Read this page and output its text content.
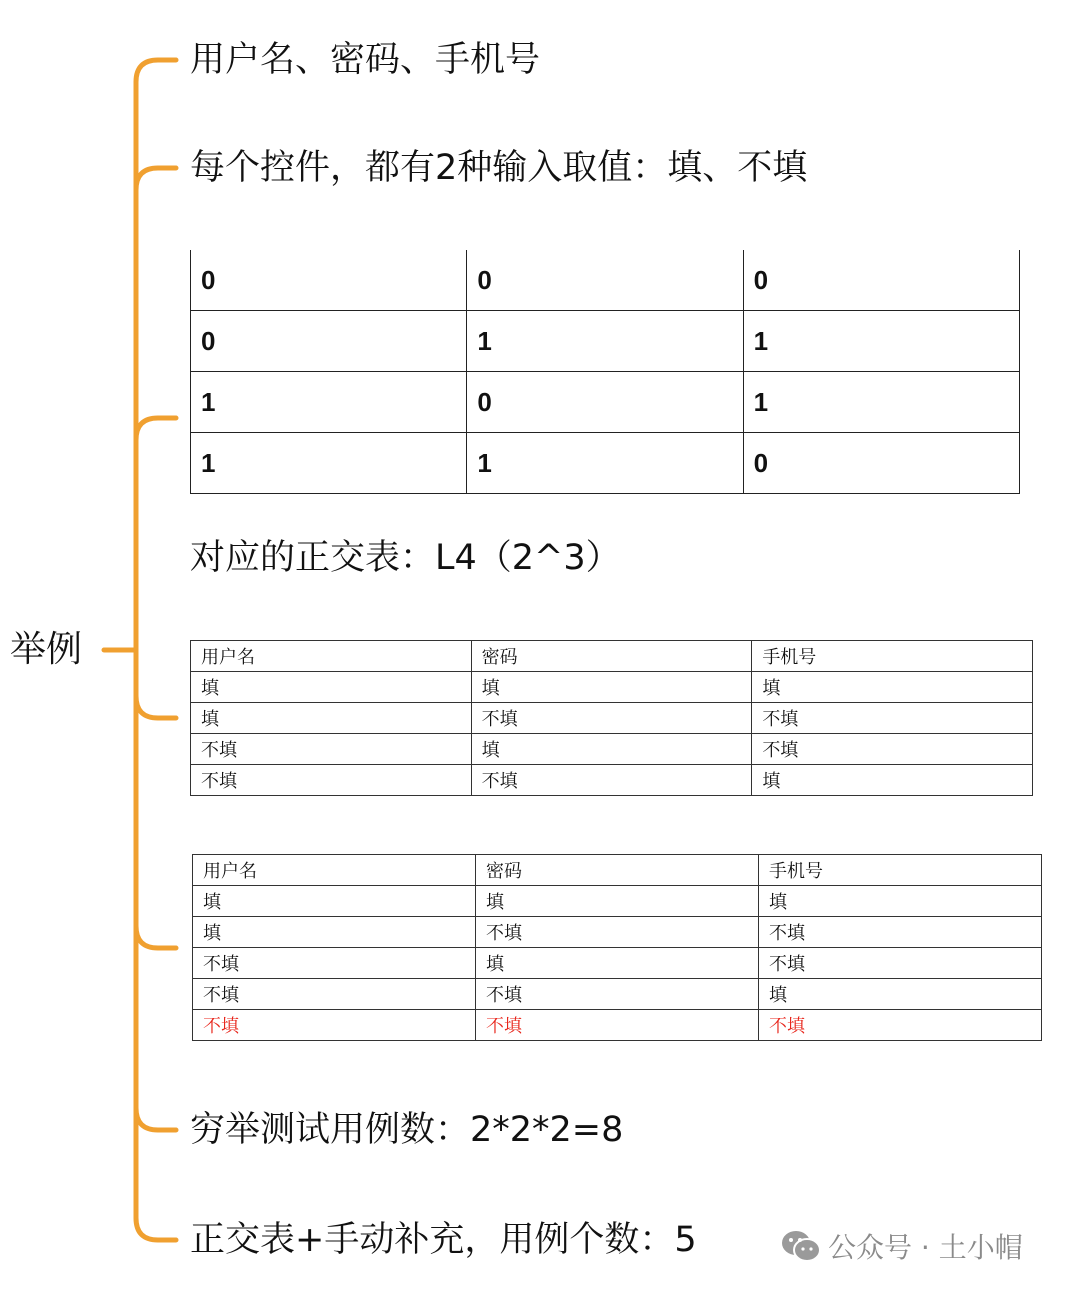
举例
用户名、密码、手机号
每个控件，都有2种输入取值：填、不填
对应的正交表：L4（2^3）
穷举测试用例数：2*2*2=8
正交表+手动补充，用例个数：5
0	0	0
0	1	1
1	0	1
1	1	0
用户名	密码	手机号
填	填	填
填	不填	不填
不填	填	不填
不填	不填	填
用户名	密码	手机号
填	填	填
填	不填	不填
不填	填	不填
不填	不填	填
不填	不填	不填
公众号 · 土小帽
